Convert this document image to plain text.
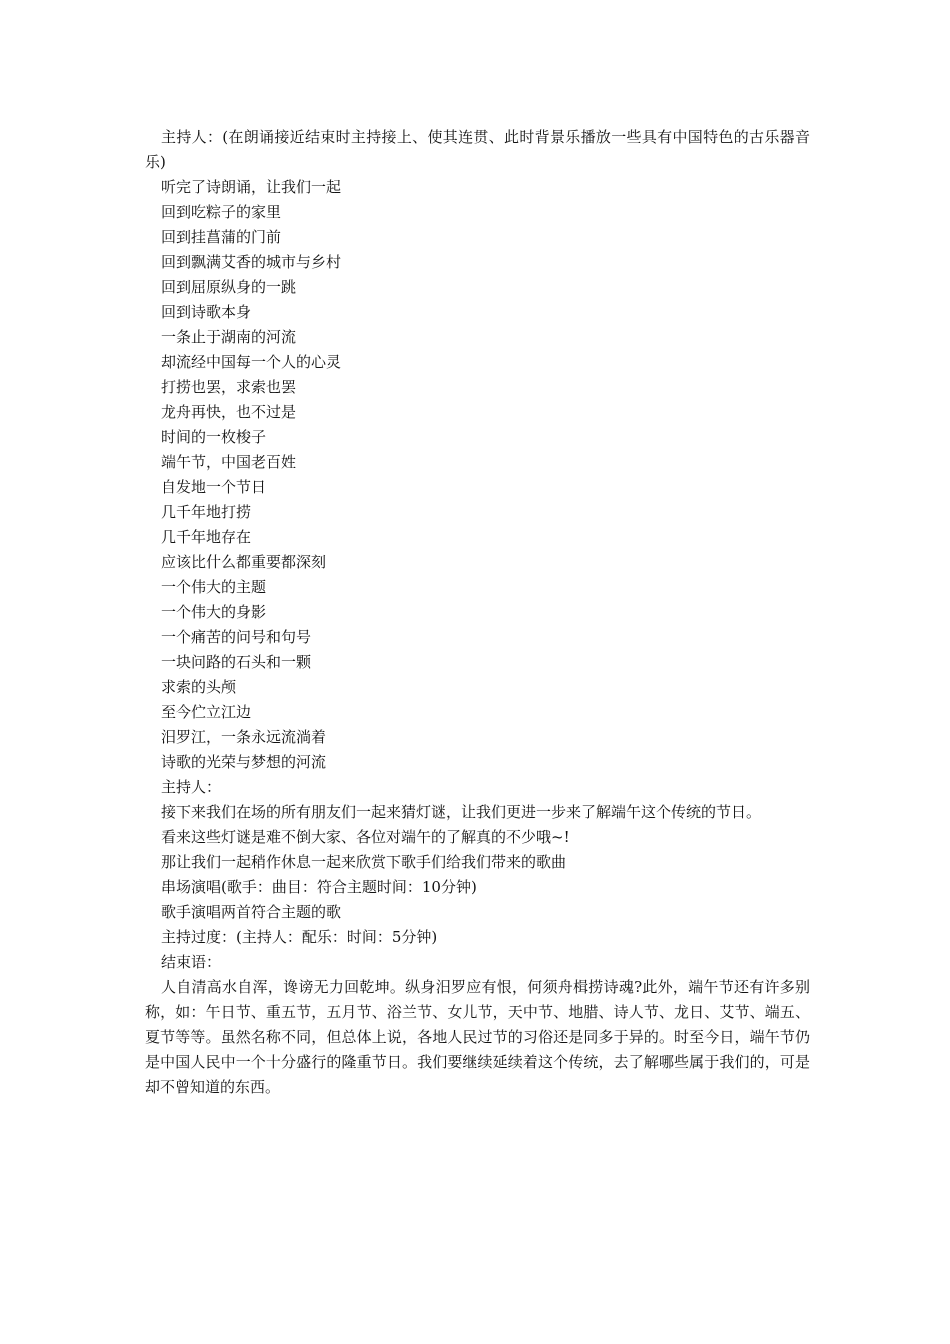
主持人：(在朗诵接近结束时主持接上、使其连贯、此时背景乐播放一些具有中国特色的古乐器音乐)

听完了诗朗诵，让我们一起

回到吃粽子的家里

回到挂菖蒲的门前

回到飘满艾香的城市与乡村

回到屈原纵身的一跳

回到诗歌本身

一条止于湖南的河流

却流经中国每一个人的心灵

打捞也罢，求索也罢

龙舟再快，也不过是

时间的一枚梭子

端午节，中国老百姓

自发地一个节日

几千年地打捞

几千年地存在

应该比什么都重要都深刻

一个伟大的主题

一个伟大的身影

一个痛苦的问号和句号

一块问路的石头和一颗

求索的头颅

至今伫立江边

汨罗江，一条永远流淌着

诗歌的光荣与梦想的河流

主持人：

接下来我们在场的所有朋友们一起来猜灯谜，让我们更进一步来了解端午这个传统的节日。

看来这些灯谜是难不倒大家、各位对端午的了解真的不少哦~!

那让我们一起稍作休息一起来欣赏下歌手们给我们带来的歌曲

串场演唱(歌手：曲目：符合主题时间：10分钟)

歌手演唱两首符合主题的歌

主持过度：(主持人：配乐：时间：5分钟)

结束语：

人自清高水自浑，谗谤无力回乾坤。纵身汨罗应有恨，何须舟楫捞诗魂?此外，端午节还有许多别称，如：午日节、重五节，五月节、浴兰节、女儿节，天中节、地腊、诗人节、龙日、艾节、端五、夏节等等。虽然名称不同，但总体上说，各地人民过节的习俗还是同多于异的。时至今日，端午节仍是中国人民中一个十分盛行的隆重节日。我们要继续延续着这个传统，去了解哪些属于我们的，可是却不曾知道的东西。
